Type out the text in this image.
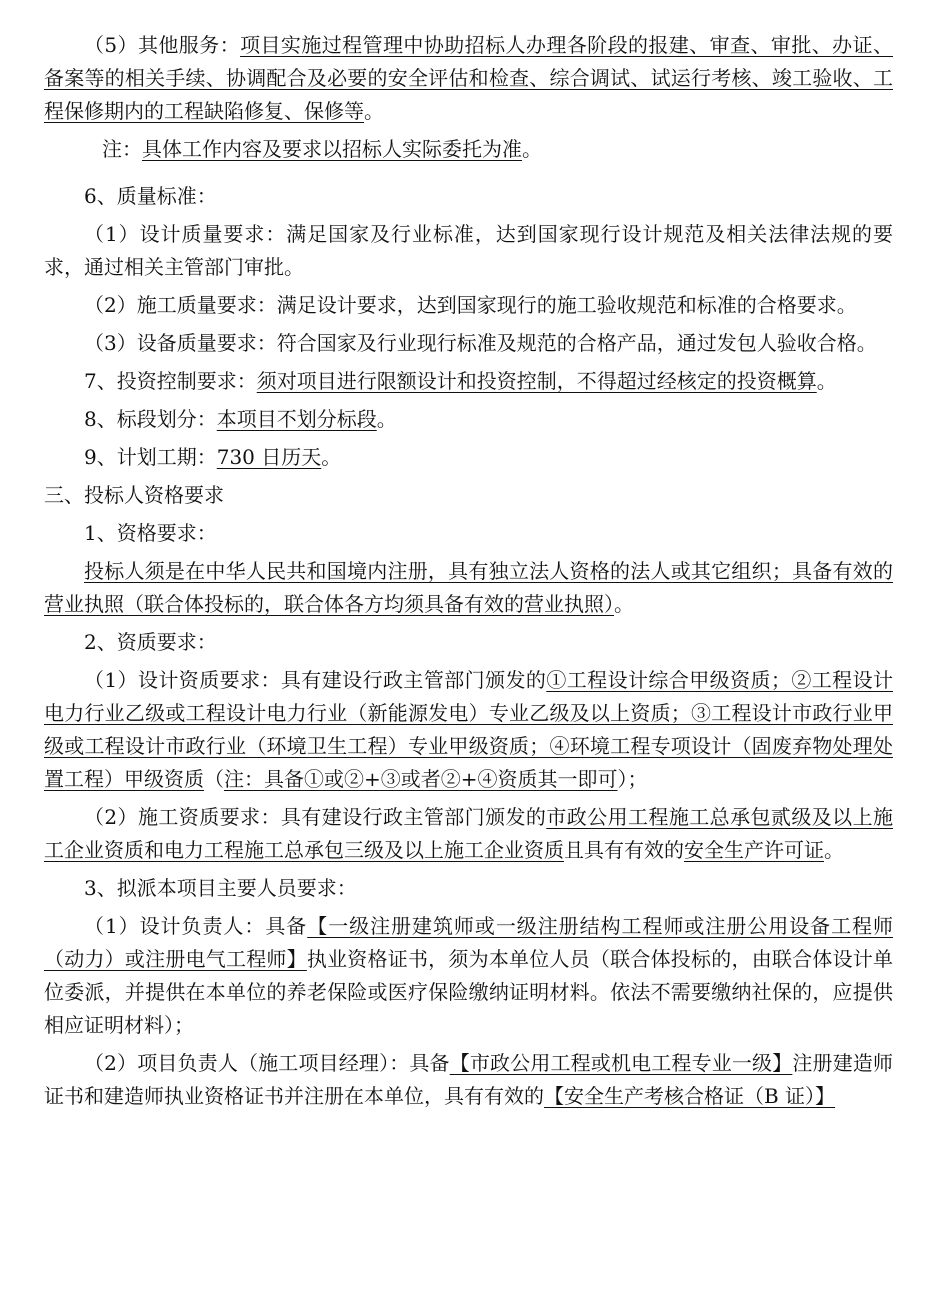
（5）其他服务：项目实施过程管理中协助招标人办理各阶段的报建、审查、审批、办证、备案等的相关手续、协调配合及必要的安全评估和检查、综合调试、试运行考核、竣工验收、工程保修期内的工程缺陷修复、保修等。

注：具体工作内容及要求以招标人实际委托为准。

6、质量标准：

（1）设计质量要求：满足国家及行业标准，达到国家现行设计规范及相关法律法规的要求，通过相关主管部门审批。

（2）施工质量要求：满足设计要求，达到国家现行的施工验收规范和标准的合格要求。

（3）设备质量要求：符合国家及行业现行标准及规范的合格产品，通过发包人验收合格。

7、投资控制要求：须对项目进行限额设计和投资控制，不得超过经核定的投资概算。

8、标段划分：本项目不划分标段。

9、计划工期：730 日历天。

三、投标人资格要求

1、资格要求：

投标人须是在中华人民共和国境内注册，具有独立法人资格的法人或其它组织；具备有效的营业执照（联合体投标的，联合体各方均须具备有效的营业执照）。

2、资质要求：

（1）设计资质要求：具有建设行政主管部门颁发的①工程设计综合甲级资质；②工程设计电力行业乙级或工程设计电力行业（新能源发电）专业乙级及以上资质；③工程设计市政行业甲级或工程设计市政行业（环境卫生工程）专业甲级资质；④环境工程专项设计（固废弃物处理处置工程）甲级资质（注：具备①或②+③或者②+④资质其一即可）；

（2）施工资质要求：具有建设行政主管部门颁发的市政公用工程施工总承包贰级及以上施工企业资质和电力工程施工总承包三级及以上施工企业资质且具有有效的安全生产许可证。

3、拟派本项目主要人员要求：

（1）设计负责人：具备【一级注册建筑师或一级注册结构工程师或注册公用设备工程师（动力）或注册电气工程师】执业资格证书，须为本单位人员（联合体投标的，由联合体设计单位委派，并提供在本单位的养老保险或医疗保险缴纳证明材料。依法不需要缴纳社保的，应提供相应证明材料）；

（2）项目负责人（施工项目经理）：具备【市政公用工程或机电工程专业一级】注册建造师证书和建造师执业资格证书并注册在本单位，具有有效的【安全生产考核合格证（B 证）】
